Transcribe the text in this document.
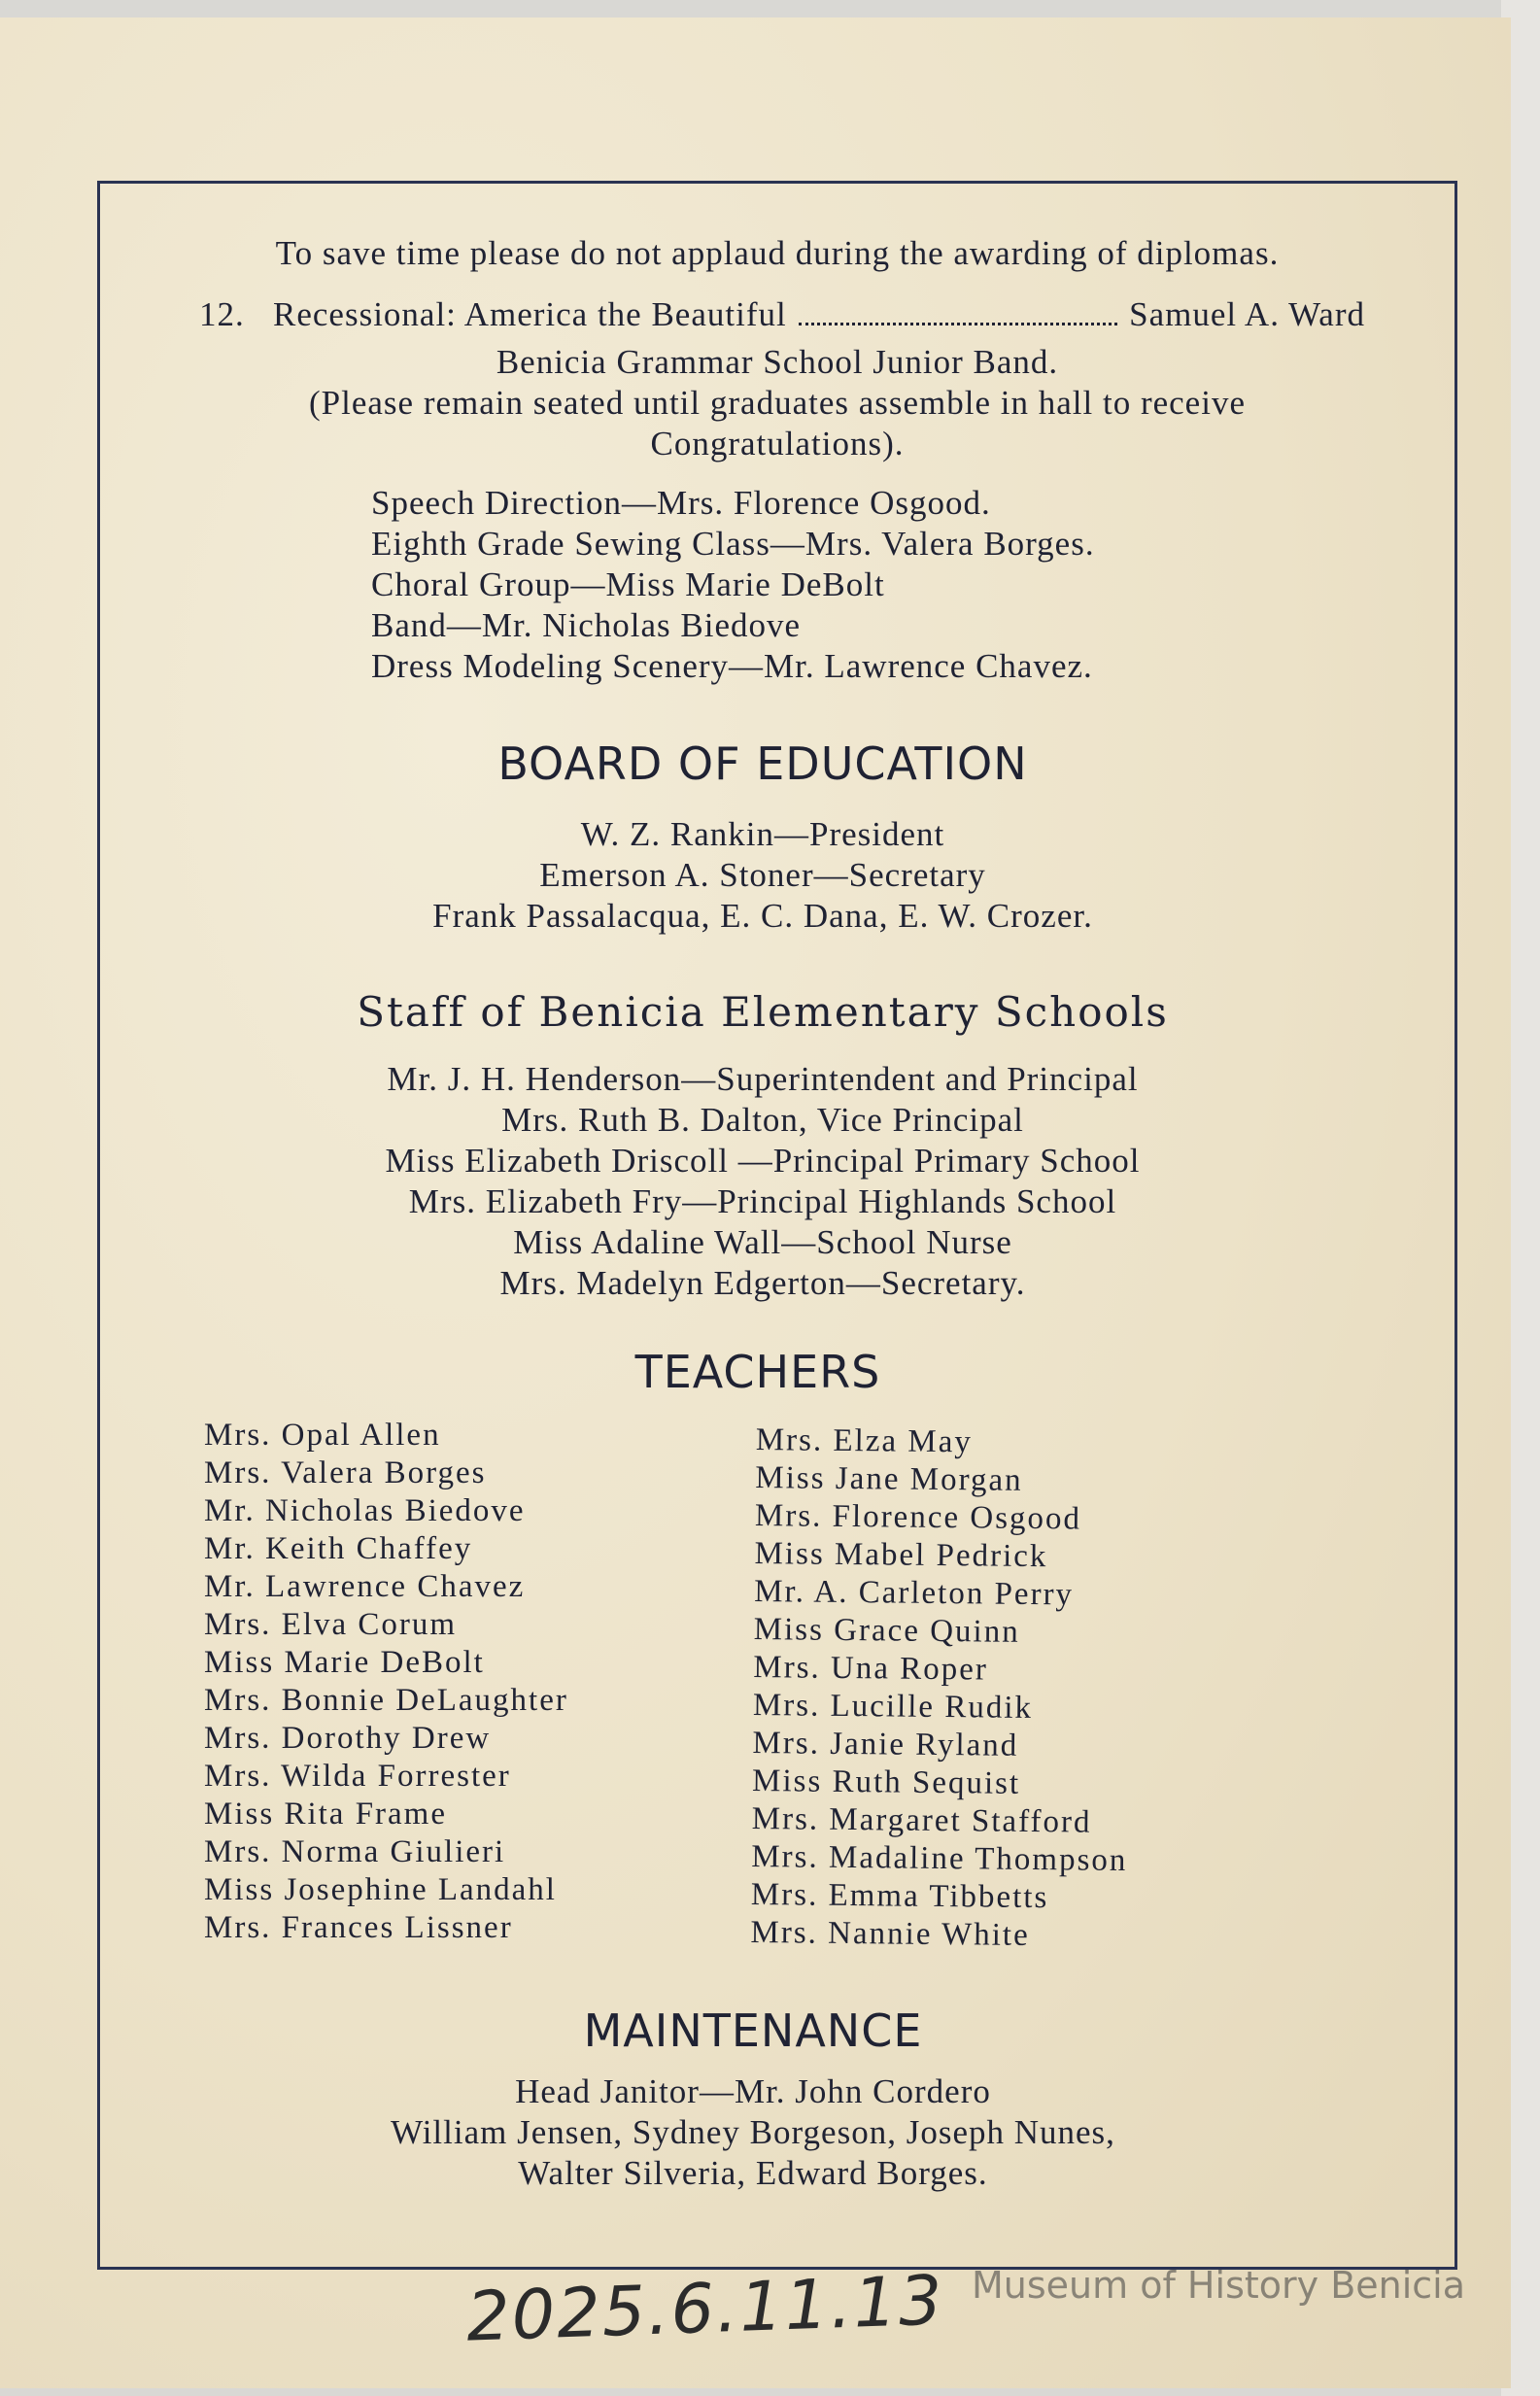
To save time please do not applaud during the awarding of diplomas.
12. Recessional: America the Beautiful	Samuel A. Ward
Benicia Grammar School Junior Band.
(Please remain seated until graduates assemble in hall to receive
Congratulations).
Speech Direction—Mrs. Florence Osgood.
Eighth Grade Sewing Class—Mrs. Valera Borges.
Choral Group—Miss Marie DeBolt
Band—Mr. Nicholas Biedove
Dress Modeling Scenery—Mr. Lawrence Chavez.
BOARD OF EDUCATION
W. Z. Rankin—President
Emerson A. Stoner—Secretary
Frank Passalacqua, E. C. Dana, E. W. Crozer.
Staff of Benicia Elementary Schools
Mr. J. H. Henderson—Superintendent and Principal
Mrs. Ruth B. Dalton, Vice Principal
Miss Elizabeth Driscoll —Principal Primary School
Mrs. Elizabeth Fry—Principal Highlands School
Miss Adaline Wall—School Nurse
Mrs. Madelyn Edgerton—Secretary.
TEACHERS
Mrs. Opal Allen
Mrs. Valera Borges
Mr. Nicholas Biedove
Mr. Keith Chaffey
Mr. Lawrence Chavez
Mrs. Elva Corum
Miss Marie DeBolt
Mrs. Bonnie DeLaughter
Mrs. Dorothy Drew
Mrs. Wilda Forrester
Miss Rita Frame
Mrs. Norma Giulieri
Miss Josephine Landahl
Mrs. Frances Lissner
Mrs. Elza May
Miss Jane Morgan
Mrs. Florence Osgood
Miss Mabel Pedrick
Mr. A. Carleton Perry
Miss Grace Quinn
Mrs. Una Roper
Mrs. Lucille Rudik
Mrs. Janie Ryland
Miss Ruth Sequist
Mrs. Margaret Stafford
Mrs. Madaline Thompson
Mrs. Emma Tibbetts
Mrs. Nannie White
MAINTENANCE
Head Janitor—Mr. John Cordero
William Jensen, Sydney Borgeson, Joseph Nunes,
Walter Silveria, Edward Borges.
2025.6.11.13 Museum of History Benicia
